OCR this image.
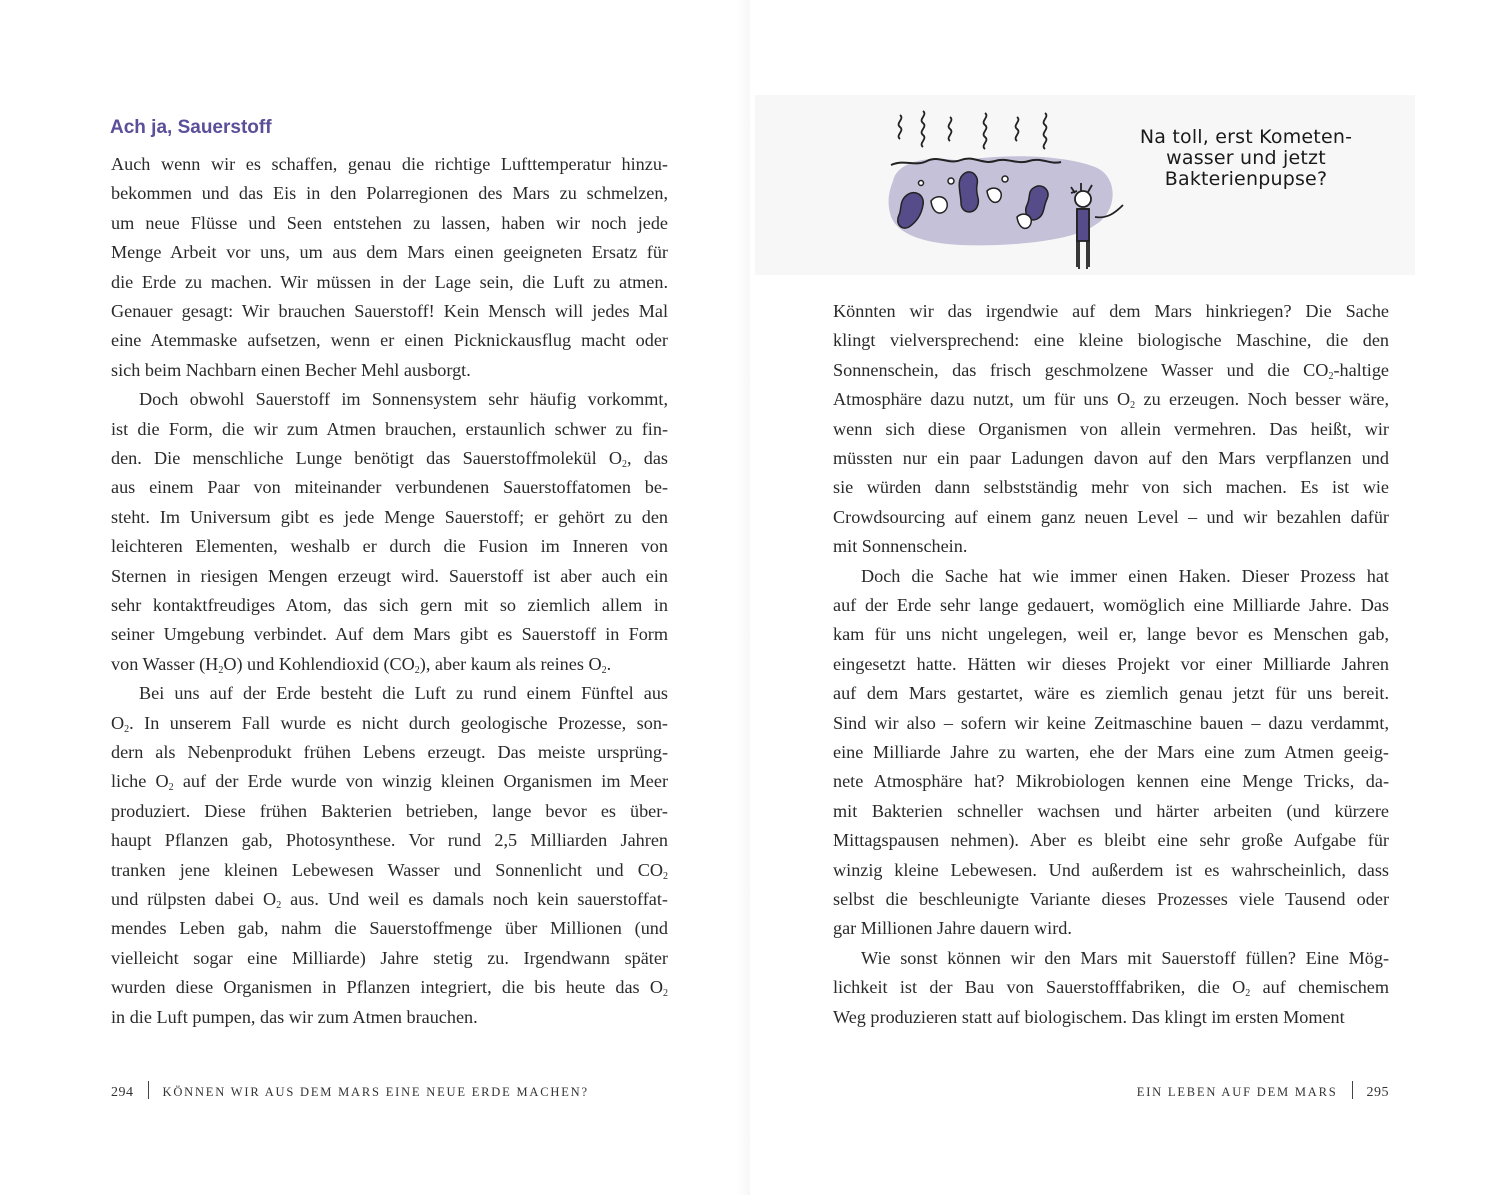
Ach ja, Sauerstoff

Auch wenn wir es schaffen, genau die richtige Lufttemperatur hinzu-

bekommen und das Eis in den Polarregionen des Mars zu schmelzen,

um neue Flüsse und Seen entstehen zu lassen, haben wir noch jede

Menge Arbeit vor uns, um aus dem Mars einen geeigneten Ersatz für

die Erde zu machen. Wir müssen in der Lage sein, die Luft zu atmen.

Genauer gesagt: Wir brauchen Sauerstoff! Kein Mensch will jedes Mal

eine Atemmaske aufsetzen, wenn er einen Picknickausflug macht oder

sich beim Nachbarn einen Becher Mehl ausborgt.

Doch obwohl Sauerstoff im Sonnensystem sehr häufig vorkommt,

ist die Form, die wir zum Atmen brauchen, erstaunlich schwer zu fin-

den. Die menschliche Lunge benötigt das Sauerstoffmolekül $O_2$, das

aus einem Paar von miteinander verbundenen Sauerstoffatomen be-

steht. Im Universum gibt es jede Menge Sauerstoff; er gehört zu den

leichteren Elementen, weshalb er durch die Fusion im Inneren von

Sternen in riesigen Mengen erzeugt wird. Sauerstoff ist aber auch ein

sehr kontaktfreudiges Atom, das sich gern mit so ziemlich allem in

seiner Umgebung verbindet. Auf dem Mars gibt es Sauerstoff in Form

von Wasser $(H_2O)$ und Kohlendioxid $(CO_2)$, aber kaum als reines $O_2$.

Bei uns auf der Erde besteht die Luft zu rund einem Fünftel aus

$O_2$. In unserem Fall wurde es nicht durch geologische Prozesse, son-

dern als Nebenprodukt frühen Lebens erzeugt. Das meiste ursprüng-

liche $O_2$ auf der Erde wurde von winzig kleinen Organismen im Meer

produziert. Diese frühen Bakterien betrieben, lange bevor es über-

haupt Pflanzen gab, Photosynthese. Vor rund 2,5 Milliarden Jahren

tranken jene kleinen Lebewesen Wasser und Sonnenlicht und $CO_2$

und rülpsten dabei $O_2$ aus. Und weil es damals noch kein sauerstoffat-

mendes Leben gab, nahm die Sauerstoffmenge über Millionen (und

vielleicht sogar eine Milliarde) Jahre stetig zu. Irgendwann später

wurden diese Organismen in Pflanzen integriert, die bis heute das $O_2$

in die Luft pumpen, das wir zum Atmen brauchen.

294 KÖNNEN WIR AUS DEM MARS EINE NEUE ERDE MACHEN?
Na toll, erst Kometen-
wasser und jetzt
Bakterienpupse?

Könnten wir das irgendwie auf dem Mars hinkriegen? Die Sache

klingt vielversprechend: eine kleine biologische Maschine, die den

Sonnenschein, das frisch geschmolzene Wasser und die $CO_2$-haltige

Atmosphäre dazu nutzt, um für uns $O_2$ zu erzeugen. Noch besser wäre,

wenn sich diese Organismen von allein vermehren. Das heißt, wir

müssten nur ein paar Ladungen davon auf den Mars verpflanzen und

sie würden dann selbstständig mehr von sich machen. Es ist wie

Crowdsourcing auf einem ganz neuen Level – und wir bezahlen dafür

mit Sonnenschein.

Doch die Sache hat wie immer einen Haken. Dieser Prozess hat

auf der Erde sehr lange gedauert, womöglich eine Milliarde Jahre. Das

kam für uns nicht ungelegen, weil er, lange bevor es Menschen gab,

eingesetzt hatte. Hätten wir dieses Projekt vor einer Milliarde Jahren

auf dem Mars gestartet, wäre es ziemlich genau jetzt für uns bereit.

Sind wir also – sofern wir keine Zeitmaschine bauen – dazu verdammt,

eine Milliarde Jahre zu warten, ehe der Mars eine zum Atmen geeig-

nete Atmosphäre hat? Mikrobiologen kennen eine Menge Tricks, da-

mit Bakterien schneller wachsen und härter arbeiten (und kürzere

Mittagspausen nehmen). Aber es bleibt eine sehr große Aufgabe für

winzig kleine Lebewesen. Und außerdem ist es wahrscheinlich, dass

selbst die beschleunigte Variante dieses Prozesses viele Tausend oder

gar Millionen Jahre dauern wird.

Wie sonst können wir den Mars mit Sauerstoff füllen? Eine Mög-

lichkeit ist der Bau von Sauerstofffabriken, die $O_2$ auf chemischem

Weg produzieren statt auf biologischem. Das klingt im ersten Moment

EIN LEBEN AUF DEM MARS 295
